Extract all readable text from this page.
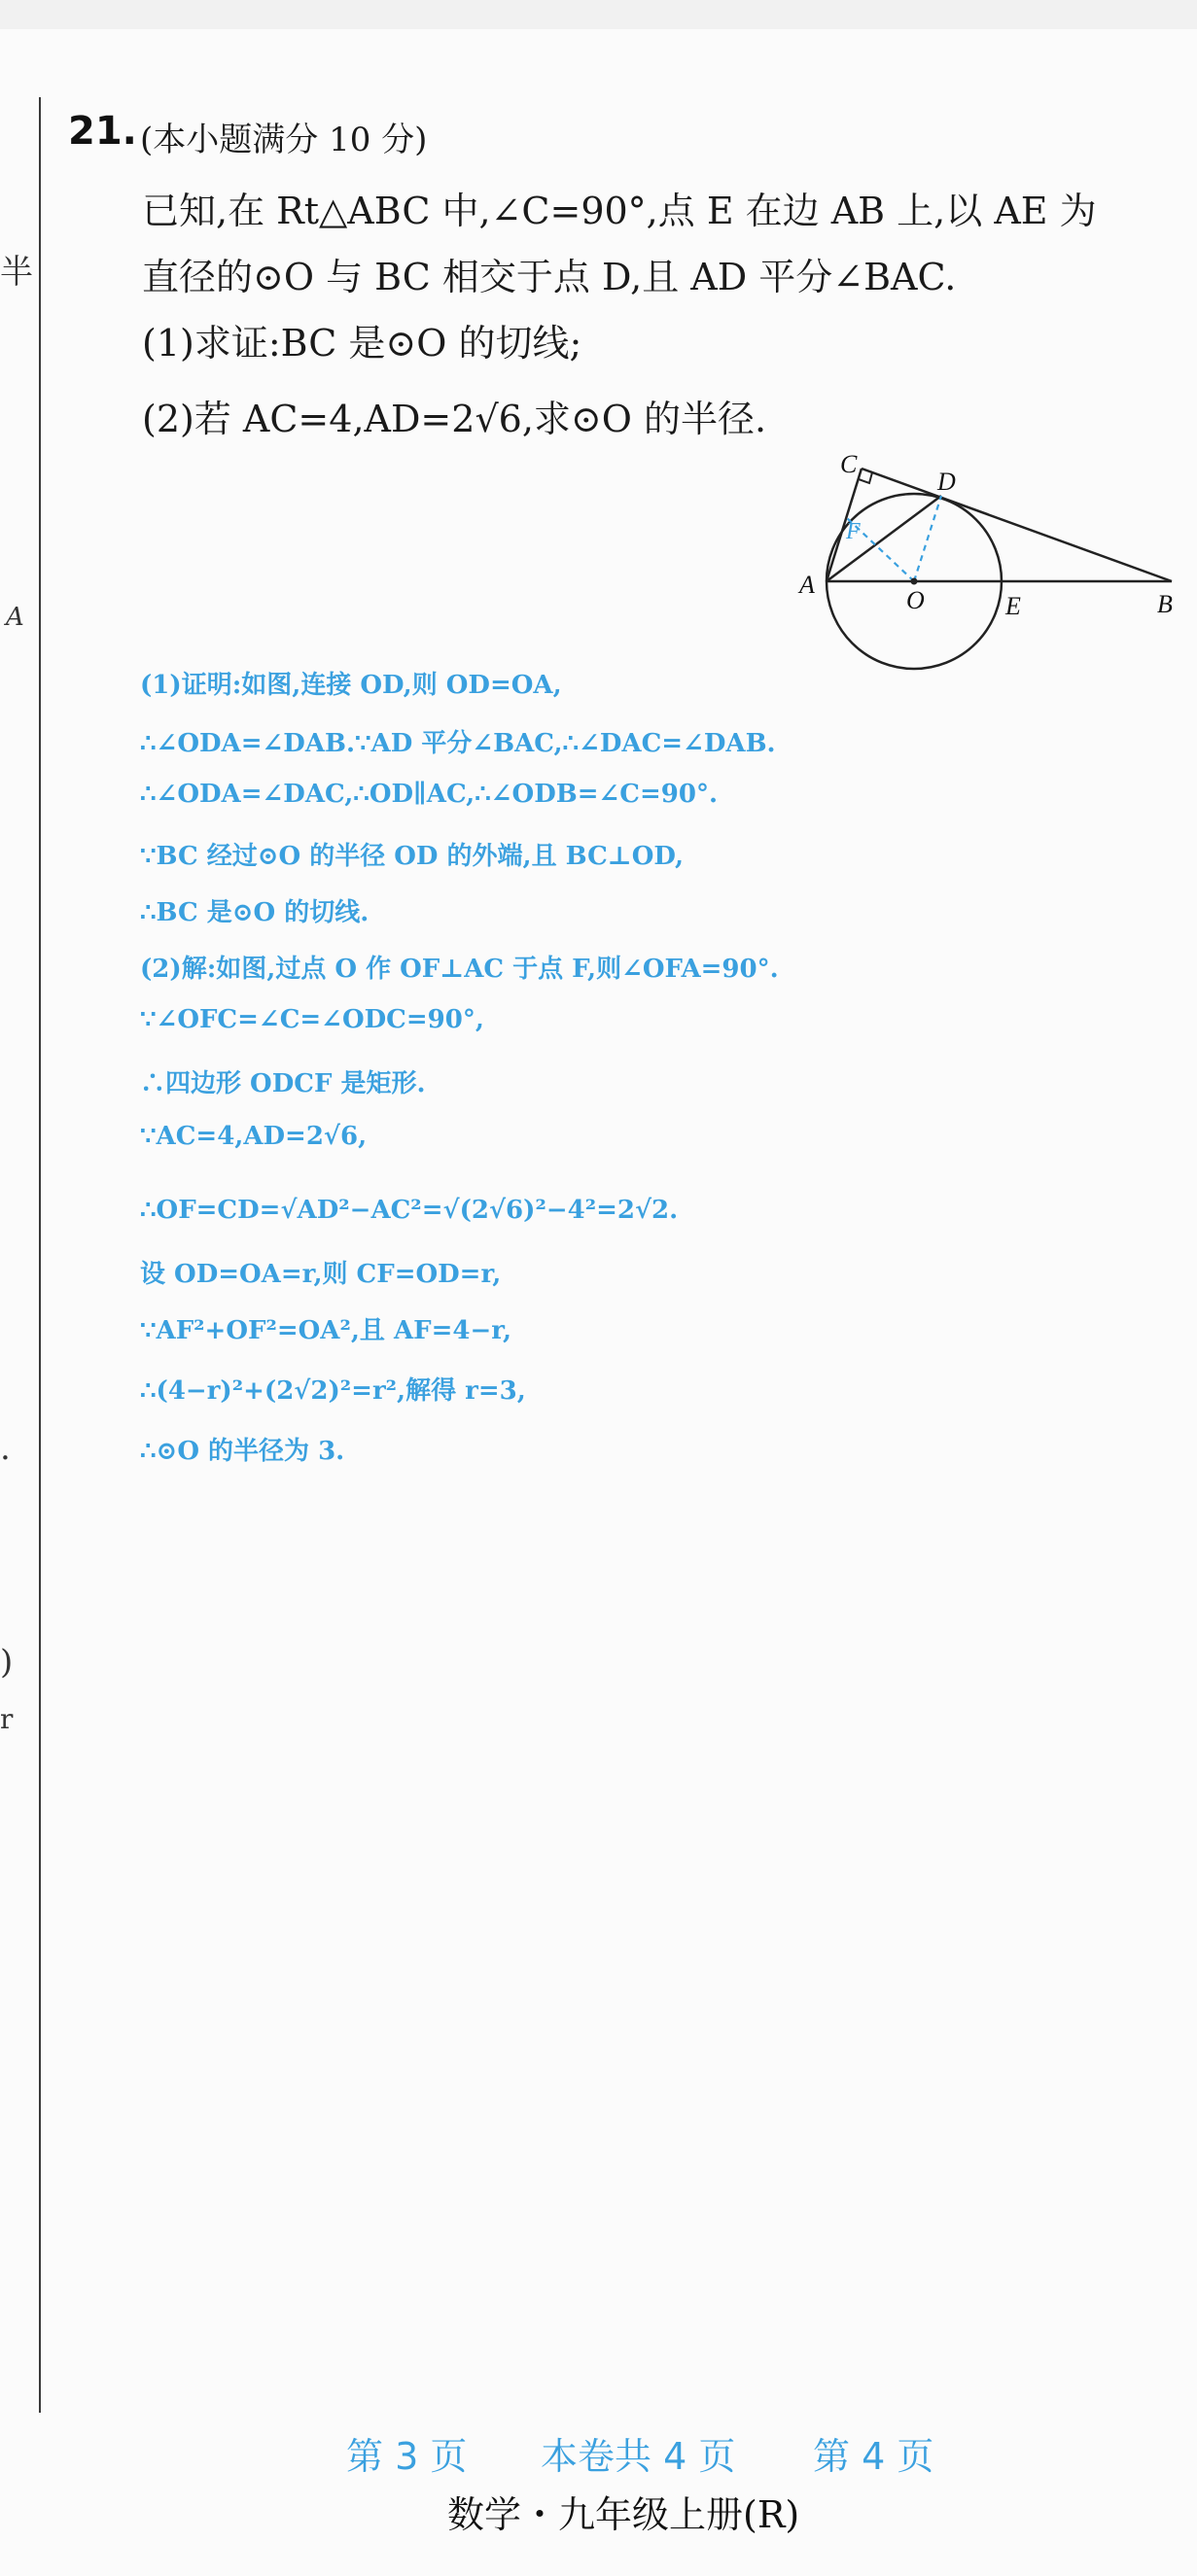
半
A
.
)
r
21. (本小题满分 10 分)
已知,在 Rt△ABC 中,∠C=90°,点 E 在边 AB 上,以 AE 为
直径的⊙O 与 BC 相交于点 D,且 AD 平分∠BAC.
(1)求证:BC 是⊙O 的切线;
(2)若 AC=4,AD=2√6,求⊙O 的半径.
A
B
C
D
E
F
O
(1)证明:如图,连接 OD,则 OD=OA,
∴∠ODA=∠DAB.∵AD 平分∠BAC,∴∠DAC=∠DAB.
∴∠ODA=∠DAC,∴OD∥AC,∴∠ODB=∠C=90°.
∵BC 经过⊙O 的半径 OD 的外端,且 BC⊥OD,
∴BC 是⊙O 的切线.
(2)解:如图,过点 O 作 OF⊥AC 于点 F,则∠OFA=90°.
∵∠OFC=∠C=∠ODC=90°,
∴四边形 ODCF 是矩形.
∵AC=4,AD=2√6,
∴OF=CD=√AD²−AC²=√(2√6)²−4²=2√2.
设 OD=OA=r,则 CF=OD=r,
∵AF²+OF²=OA²,且 AF=4−r,
∴(4−r)²+(2√2)²=r²,解得 r=3,
∴⊙O 的半径为 3.
第 3 页 本卷共 4 页 第 4 页
数学・九年级上册(R)
